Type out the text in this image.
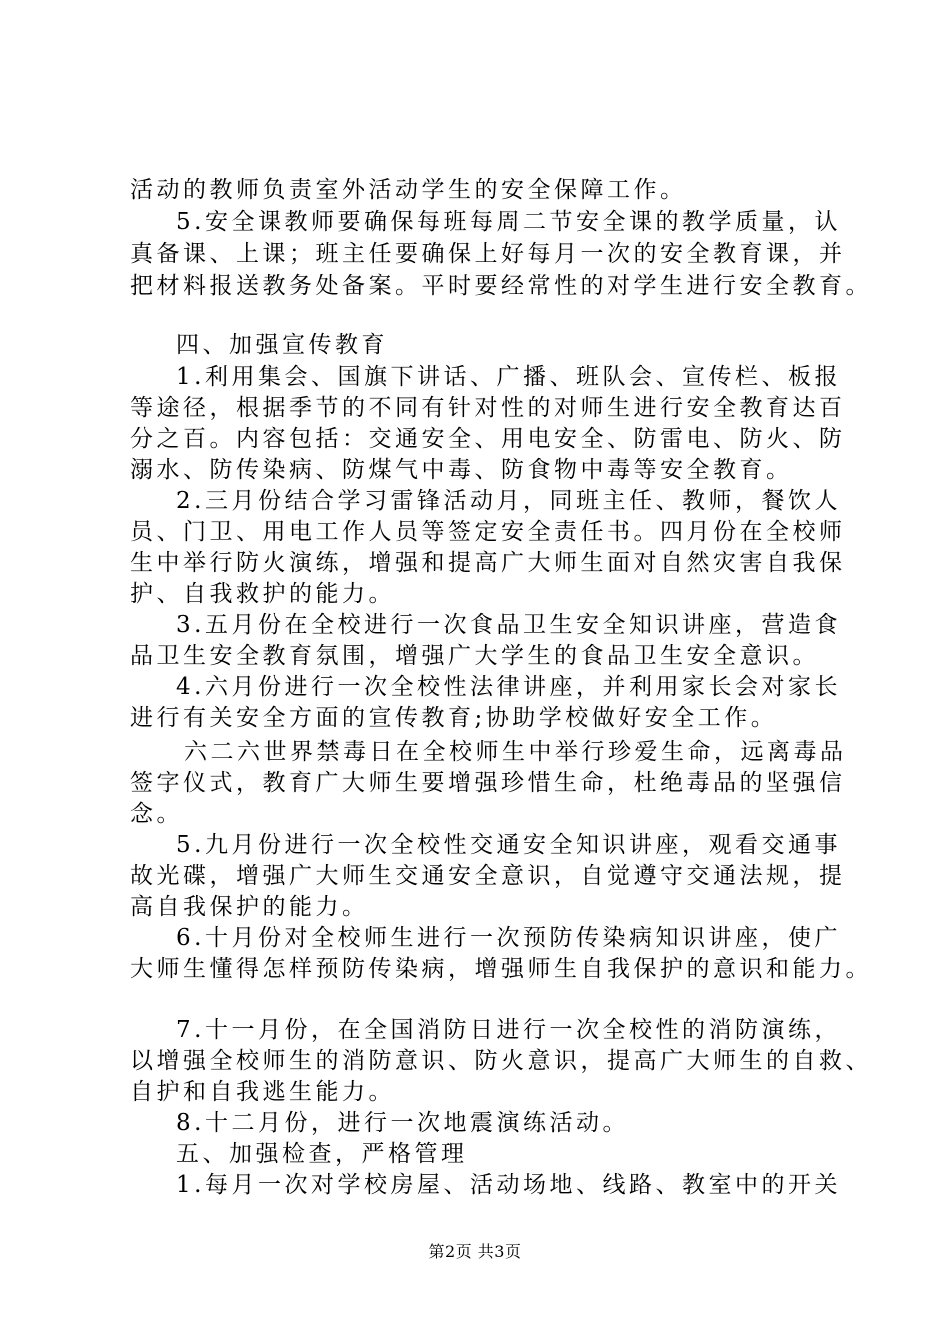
活动的教师负责室外活动学生的安全保障工作。
5.安全课教师要确保每班每周二节安全课的教学质量，认
真备课、上课；班主任要确保上好每月一次的安全教育课，并
把材料报送教务处备案。平时要经常性的对学生进行安全教育。
四、加强宣传教育
1.利用集会、国旗下讲话、广播、班队会、宣传栏、板报
等途径，根据季节的不同有针对性的对师生进行安全教育达百
分之百。内容包括：交通安全、用电安全、防雷电、防火、防
溺水、防传染病、防煤气中毒、防食物中毒等安全教育。
2.三月份结合学习雷锋活动月，同班主任、教师，餐饮人
员、门卫、用电工作人员等签定安全责任书。四月份在全校师
生中举行防火演练，增强和提高广大师生面对自然灾害自我保
护、自我救护的能力。
3.五月份在全校进行一次食品卫生安全知识讲座，营造食
品卫生安全教育氛围，增强广大学生的食品卫生安全意识。
4.六月份进行一次全校性法律讲座，并利用家长会对家长
进行有关安全方面的宣传教育;协助学校做好安全工作。
六二六世界禁毒日在全校师生中举行珍爱生命，远离毒品
签字仪式，教育广大师生要增强珍惜生命，杜绝毒品的坚强信
念。
5.九月份进行一次全校性交通安全知识讲座，观看交通事
故光碟，增强广大师生交通安全意识，自觉遵守交通法规，提
高自我保护的能力。
6.十月份对全校师生进行一次预防传染病知识讲座，使广
大师生懂得怎样预防传染病，增强师生自我保护的意识和能力。
7.十一月份，在全国消防日进行一次全校性的消防演练，
以增强全校师生的消防意识、防火意识，提高广大师生的自救、
自护和自我逃生能力。
8.十二月份，进行一次地震演练活动。
五、加强检查，严格管理
1.每月一次对学校房屋、活动场地、线路、教室中的开关
第2页 共3页
